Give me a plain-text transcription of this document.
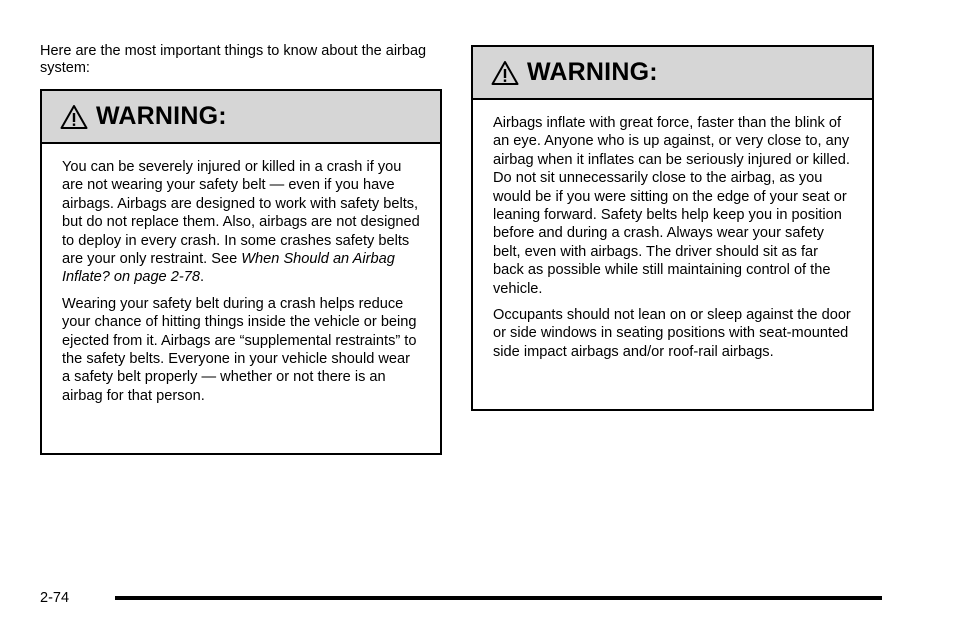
Here are the most important things to know about the airbag system:
WARNING:

You can be severely injured or killed in a crash if you are not wearing your safety belt — even if you have airbags. Airbags are designed to work with safety belts, but do not replace them. Also, airbags are not designed to deploy in every crash. In some crashes safety belts are your only restraint. See When Should an Airbag Inflate? on page 2-78.

Wearing your safety belt during a crash helps reduce your chance of hitting things inside the vehicle or being ejected from it. Airbags are “supplemental restraints” to the safety belts. Everyone in your vehicle should wear a safety belt properly — whether or not there is an airbag for that person.

WARNING:

Airbags inflate with great force, faster than the blink of an eye. Anyone who is up against, or very close to, any airbag when it inflates can be seriously injured or killed. Do not sit unnecessarily close to the airbag, as you would be if you were sitting on the edge of your seat or leaning forward. Safety belts help keep you in position before and during a crash. Always wear your safety belt, even with airbags. The driver should sit as far back as possible while still maintaining control of the vehicle.

Occupants should not lean on or sleep against the door or side windows in seating positions with seat-mounted side impact airbags and/or roof-rail airbags.

2-74
